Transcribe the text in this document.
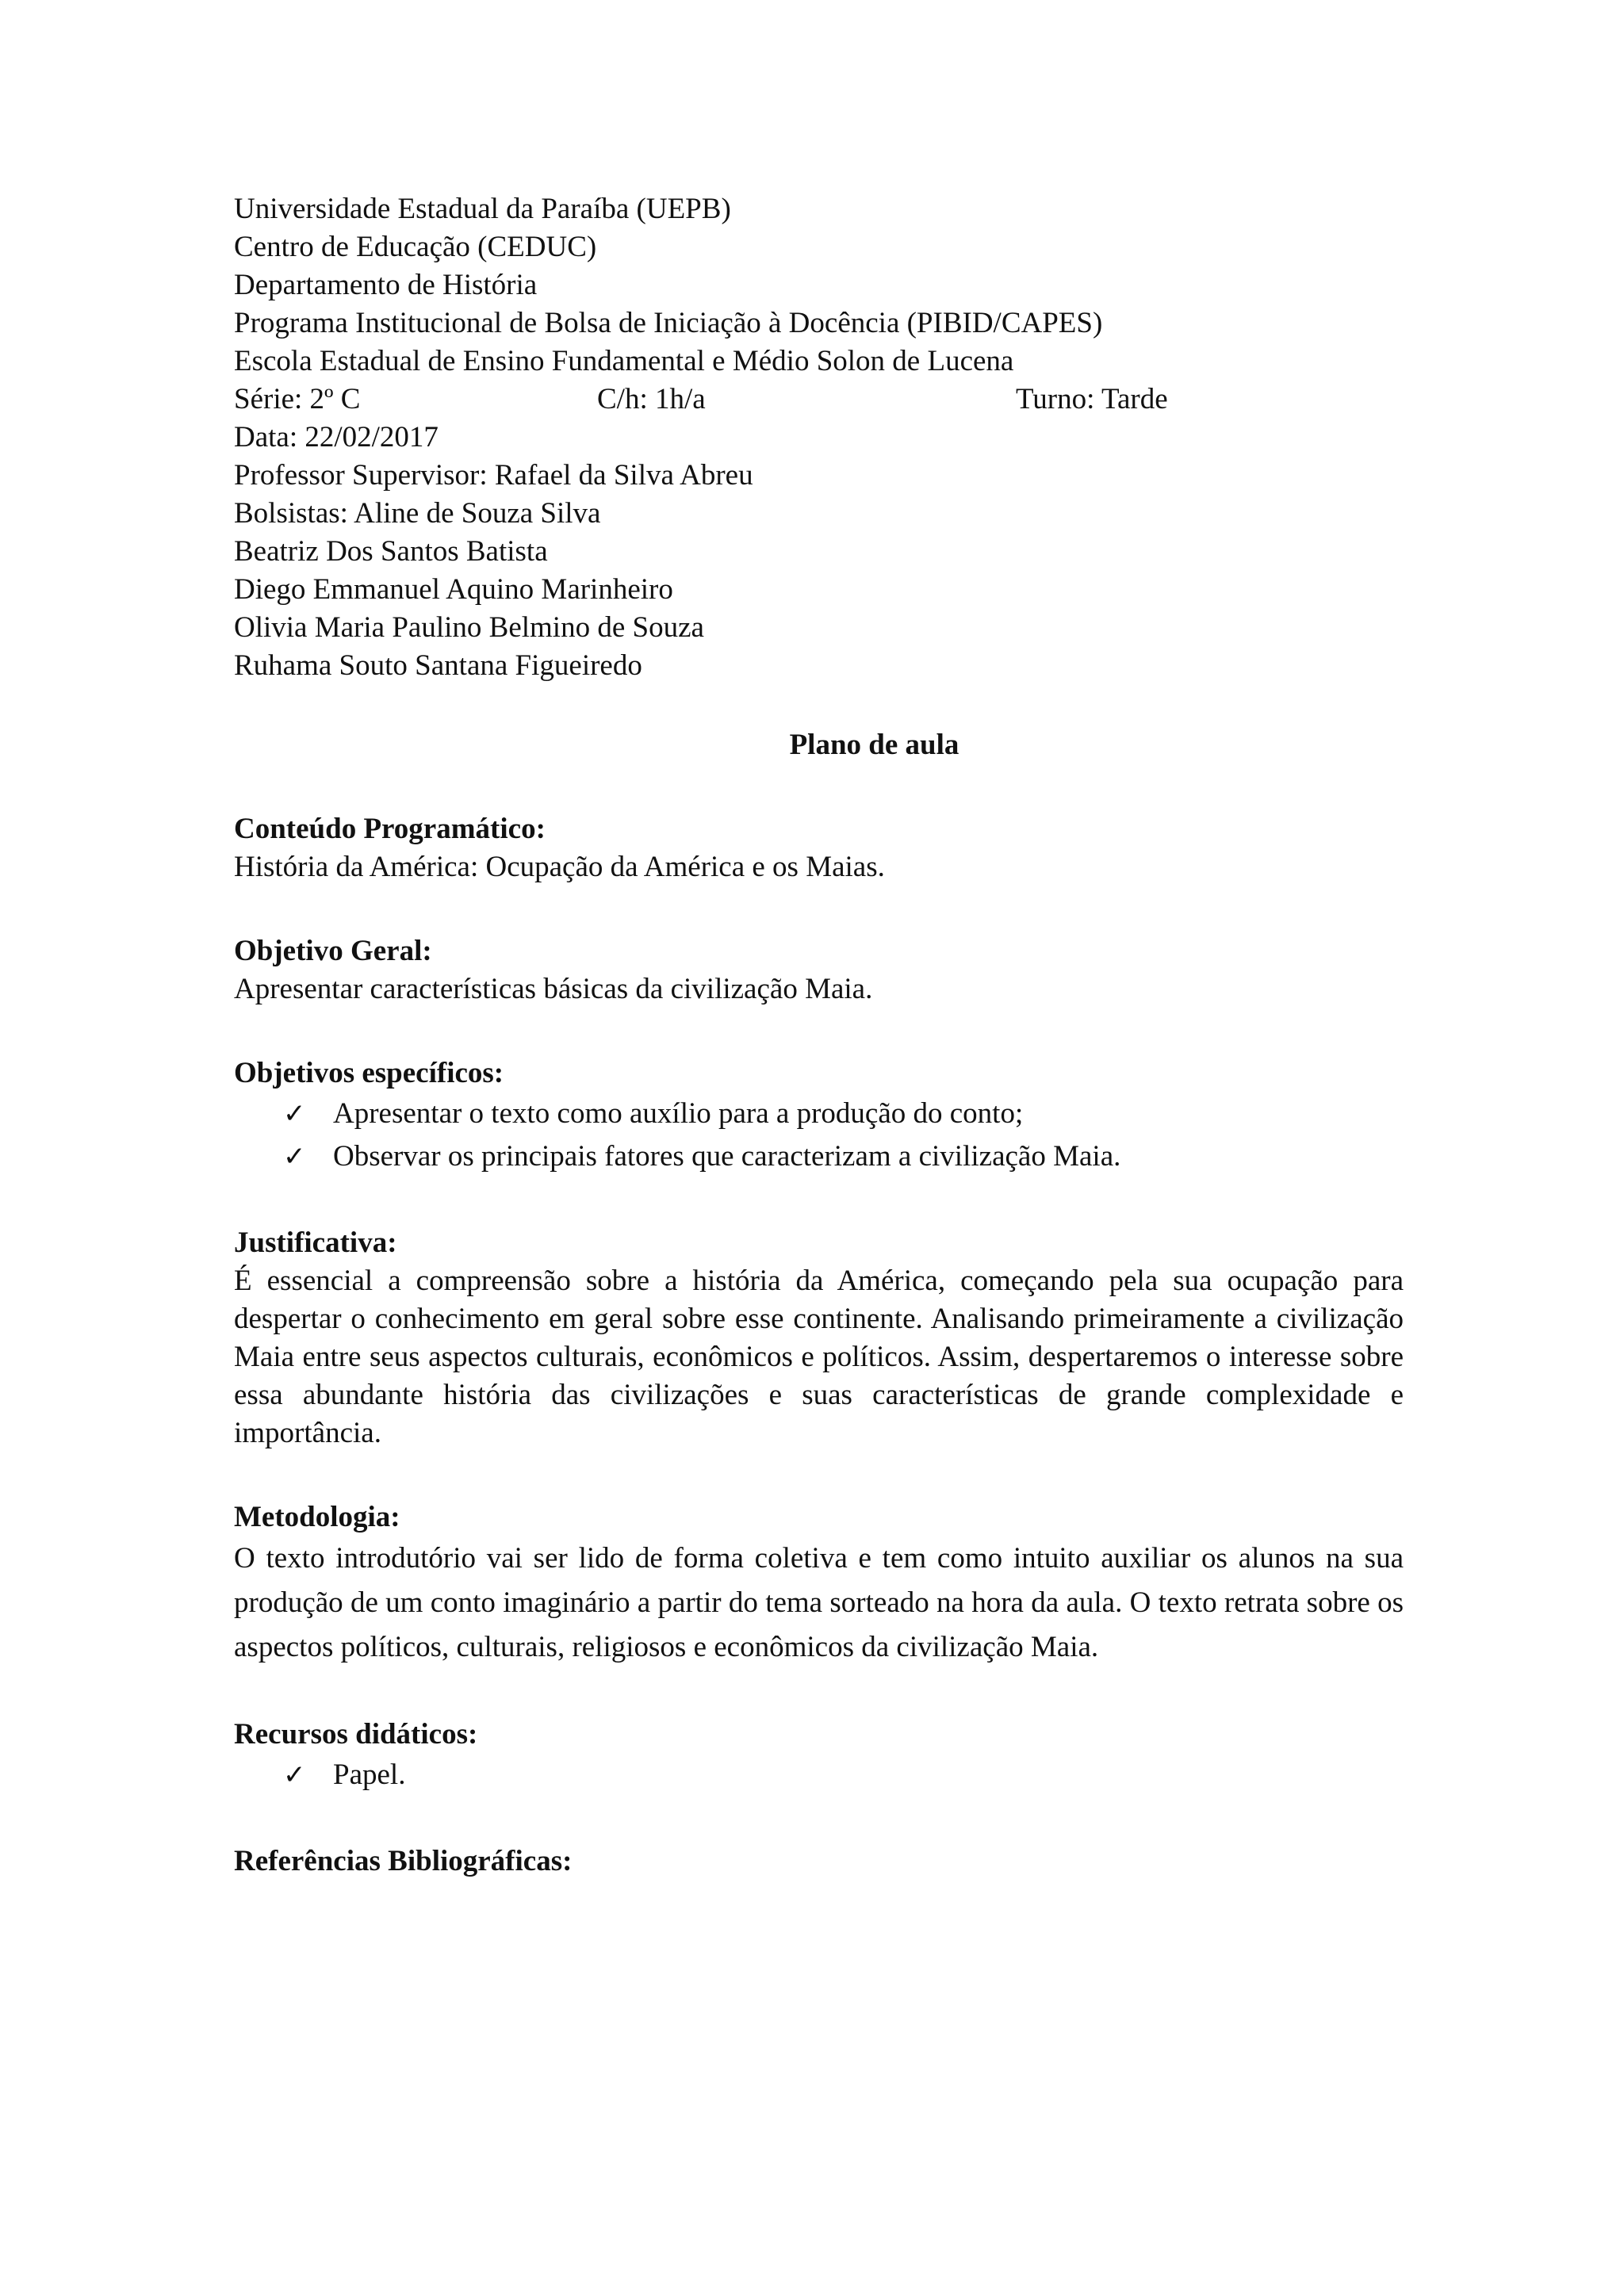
Universidade Estadual da Paraíba (UEPB)
Centro de Educação (CEDUC)
Departamento de História
Programa Institucional de Bolsa de Iniciação à Docência (PIBID/CAPES)
Escola Estadual de Ensino Fundamental e Médio Solon de Lucena
Série: 2º C	C/h: 1h/a	Turno: Tarde
Data: 22/02/2017
Professor Supervisor: Rafael da Silva Abreu
Bolsistas: Aline de Souza Silva
Beatriz Dos Santos Batista
Diego Emmanuel Aquino Marinheiro
Olivia Maria Paulino Belmino de Souza
Ruhama Souto Santana Figueiredo
Plano de aula
Conteúdo Programático:
História da América: Ocupação da América e os Maias.
Objetivo Geral:
Apresentar características básicas da civilização Maia.
Objetivos específicos:
✓ Apresentar o texto como auxílio para a produção do conto;
✓ Observar os principais fatores que caracterizam a civilização Maia.
Justificativa:

É essencial a compreensão sobre a história da América, começando pela sua ocupação para despertar o conhecimento em geral sobre esse continente. Analisando primeiramente a civilização Maia entre seus aspectos culturais, econômicos e políticos. Assim, despertaremos o interesse sobre essa abundante história das civilizações e suas características de grande complexidade e importância.

Metodologia:

O texto introdutório vai ser lido de forma coletiva e tem como intuito auxiliar os alunos na sua produção de um conto imaginário a partir do tema sorteado na hora da aula. O texto retrata sobre os aspectos políticos, culturais, religiosos e econômicos da civilização Maia.

Recursos didáticos:
✓ Papel.
Referências Bibliográficas:
